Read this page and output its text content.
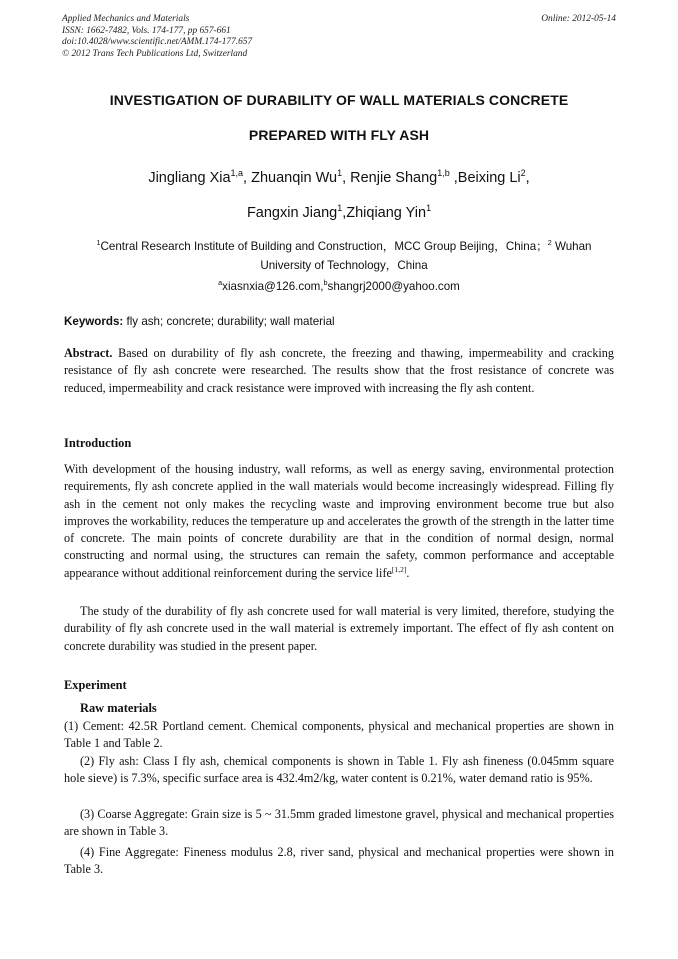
Applied Mechanics and Materials
ISSN: 1662-7482, Vols. 174-177, pp 657-661
doi:10.4028/www.scientific.net/AMM.174-177.657
© 2012 Trans Tech Publications Ltd, Switzerland
Online: 2012-05-14
INVESTIGATION OF DURABILITY OF WALL MATERIALS CONCRETE
PREPARED WITH FLY ASH
Jingliang Xia$^{1,a}$, Zhuanqin Wu$^1$, Renjie Shang$^{1,b}$ ,Beixing Li$^2$,
Fangxin Jiang$^1$,Zhiqiang Yin$^1$
$^1$Central Research Institute of Building and Construction，MCC Group Beijing，China；$^2$ Wuhan
University of Technology，China
$^a$xiasnxia@126.com,$^b$shangrj2000@yahoo.com
Keywords: fly ash; concrete; durability; wall material
Abstract. Based on durability of fly ash concrete, the freezing and thawing, impermeability and cracking resistance of fly ash concrete were researched. The results show that the frost resistance of concrete was reduced, impermeability and crack resistance were improved with increasing the fly ash content.
Introduction
With development of the housing industry, wall reforms, as well as energy saving, environmental protection requirements, fly ash concrete applied in the wall materials would become increasingly widespread. Filling fly ash in the cement not only makes the recycling waste and improving environment become true but also improves the workability, reduces the temperature up and accelerates the growth of the strength in the latter time of concrete. The main points of concrete durability are that in the condition of normal design, normal constructing and normal using, the structures can remain the safety, common performance and acceptable appearance without additional reinforcement during the service life[1,2].
The study of the durability of fly ash concrete used for wall material is very limited, therefore, studying the durability of fly ash concrete used in the wall material is extremely important. The effect of fly ash content on concrete durability was studied in the present paper.
Experiment
Raw materials
(1) Cement: 42.5R Portland cement. Chemical components, physical and mechanical properties are shown in Table 1 and Table 2.
(2) Fly ash: Class I fly ash, chemical components is shown in Table 1. Fly ash fineness (0.045mm square hole sieve) is 7.3%, specific surface area is 432.4m2/kg, water content is 0.21%, water demand ratio is 95%.
(3) Coarse Aggregate: Grain size is 5 ~ 31.5mm graded limestone gravel, physical and mechanical properties are shown in Table 3.
(4) Fine Aggregate: Fineness modulus 2.8, river sand, physical and mechanical properties were shown in Table 3.
